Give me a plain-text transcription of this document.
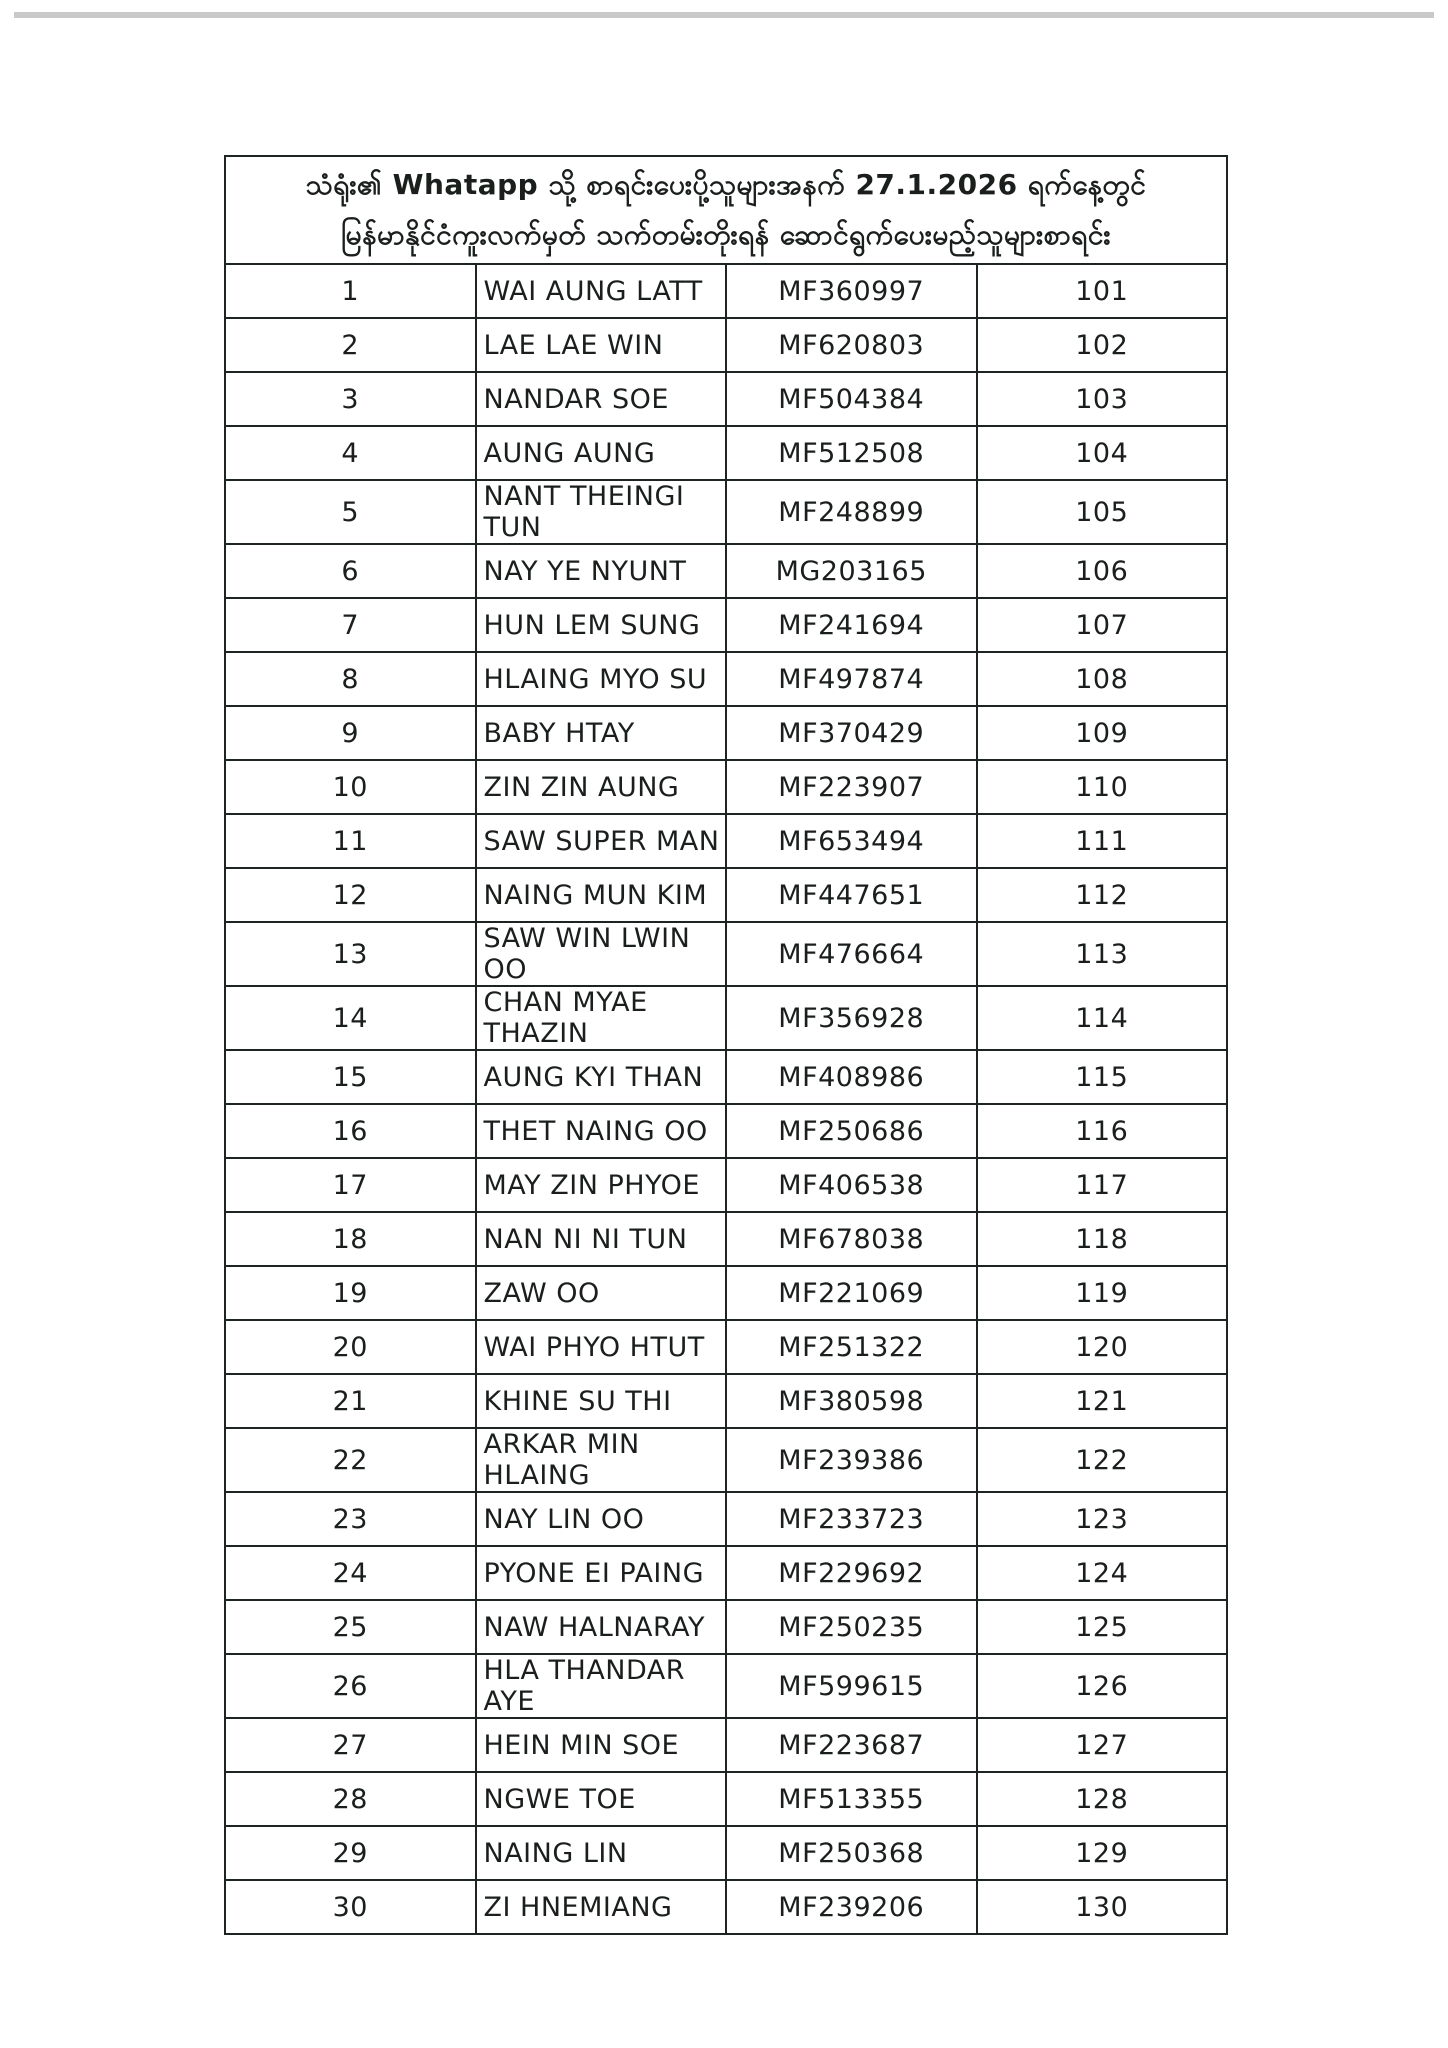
သံရုံး၏ Whatapp သို့ စာရင်းပေးပို့သူများအနက် 27.1.2026 ရက်နေ့တွင်
မြန်မာနိုင်ငံကူးလက်မှတ် သက်တမ်းတိုးရန် ဆောင်ရွက်ပေးမည့်သူများစာရင်း			

1	WAI AUNG LATT	MF360997	101
2	LAE LAE WIN	MF620803	102
3	NANDAR SOE	MF504384	103
4	AUNG AUNG	MF512508	104
5	NANT THEINGI TUN	MF248899	105
6	NAY YE NYUNT	MG203165	106
7	HUN LEM SUNG	MF241694	107
8	HLAING MYO SU	MF497874	108
9	BABY HTAY	MF370429	109
10	ZIN ZIN AUNG	MF223907	110
11	SAW SUPER MAN	MF653494	111
12	NAING MUN KIM	MF447651	112
13	SAW WIN LWIN OO	MF476664	113
14	CHAN MYAE THAZIN	MF356928	114
15	AUNG KYI THAN	MF408986	115
16	THET NAING OO	MF250686	116
17	MAY ZIN PHYOE	MF406538	117
18	NAN NI NI TUN	MF678038	118
19	ZAW OO	MF221069	119
20	WAI PHYO HTUT	MF251322	120
21	KHINE SU THI	MF380598	121
22	ARKAR MIN HLAING	MF239386	122
23	NAY LIN OO	MF233723	123
24	PYONE EI PAING	MF229692	124
25	NAW HALNARAY	MF250235	125
26	HLA THANDAR AYE	MF599615	126
27	HEIN MIN SOE	MF223687	127
28	NGWE TOE	MF513355	128
29	NAING LIN	MF250368	129
30	ZI HNEMIANG	MF239206	130
